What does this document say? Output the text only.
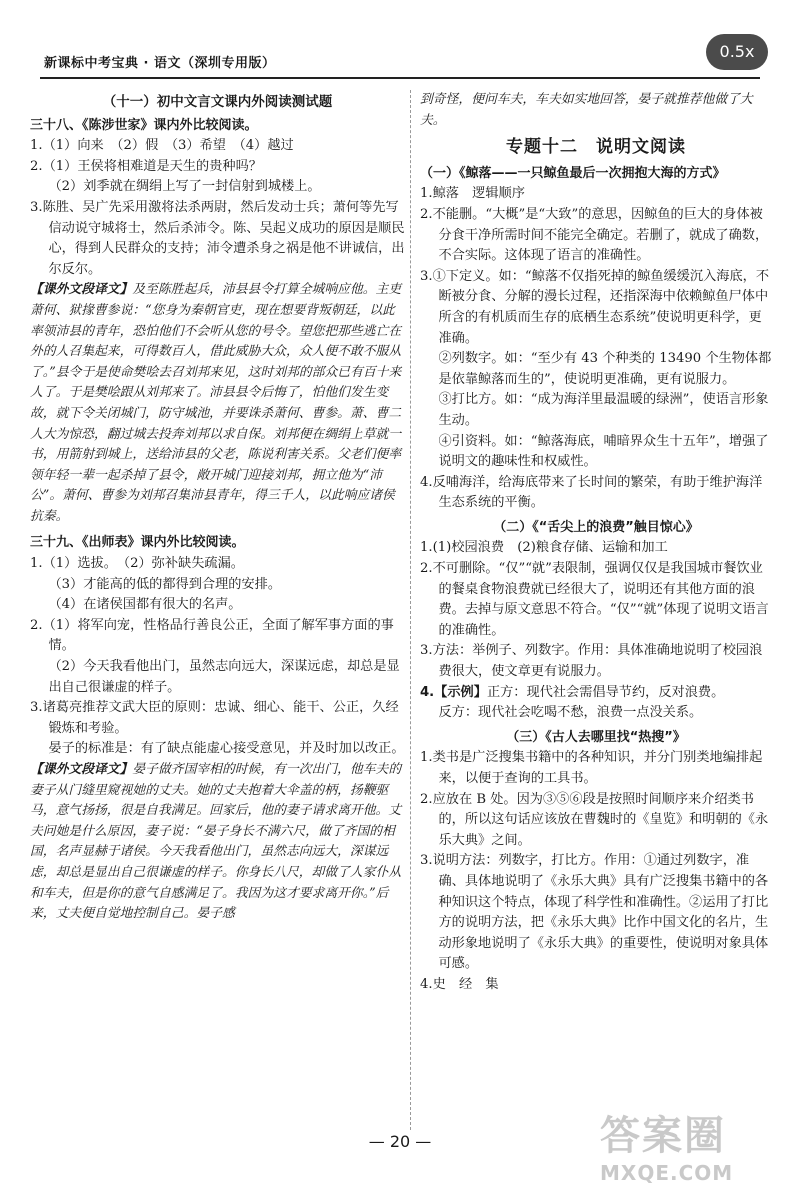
新课标中考宝典 · 语文（深圳专用版）
0.5x
（十一）初中文言文课内外阅读测试题

三十八、《陈涉世家》课内外比较阅读。

1.（1）向来　（2）假　（3）希望　（4）越过

2.（1）王侯将相难道是天生的贵种吗？

（2）刘季就在绸绢上写了一封信射到城楼上。

3.陈胜、吴广先采用激将法杀两尉，然后发动士兵；萧何等先写信动说守城将士，然后杀沛令。陈、吴起义成功的原因是顺民心，得到人民群众的支持；沛令遭杀身之祸是他不讲诚信，出尔反尔。

【课外文段译文】及至陈胜起兵，沛县县令打算全城响应他。主吏萧何、狱掾曹参说：“您身为秦朝官吏，现在想要背叛朝廷，以此率领沛县的青年，恐怕他们不会听从您的号令。望您把那些逃亡在外的人召集起来，可得数百人，借此威胁大众，众人便不敢不服从了。”县令于是使命樊哙去召刘邦来见，这时刘邦的部众已有百十来人了。于是樊哙跟从刘邦来了。沛县县令后悔了，怕他们发生变故，就下令关闭城门，防守城池，并要诛杀萧何、曹参。萧、曹二人大为惊恐，翻过城去投奔刘邦以求自保。刘邦便在绸绢上草就一书，用箭射到城上，送给沛县的父老，陈说利害关系。父老们便率领年轻一辈一起杀掉了县令，敞开城门迎接刘邦，拥立他为“沛公”。萧何、曹参为刘邦召集沛县青年，得三千人，以此响应诸侯抗秦。

三十九、《出师表》课内外比较阅读。

1.（1）选拔。　（2）弥补缺失疏漏。

（3）才能高的低的都得到合理的安排。

（4）在诸侯国都有很大的名声。

2.（1）将军向宠，性格品行善良公正，全面了解军事方面的事情。

（2）今天我看他出门，虽然志向远大，深谋远虑，却总是显出自己很谦虚的样子。

3.诸葛亮推荐文武大臣的原则：忠诚、细心、能干、公正，久经锻炼和考验。

晏子的标准是：有了缺点能虚心接受意见，并及时加以改正。

【课外文段译文】晏子做齐国宰相的时候，有一次出门，他车夫的妻子从门缝里窥视她的丈夫。她的丈夫抱着大伞盖的柄，扬鞭驱马，意气扬扬，很是自我满足。回家后，他的妻子请求离开他。丈夫问她是什么原因，妻子说：“晏子身长不满六尺，做了齐国的相国，名声显赫于诸侯。今天我看他出门，虽然志向远大，深谋远虑，却总是显出自己很谦虚的样子。你身长八尺，却做了人家仆从和车夫，但是你的意气自感满足了。我因为这才要求离开你。”后来，丈夫便自觉地控制自己。晏子感

到奇怪，便问车夫，车夫如实地回答，晏子就推荐他做了大夫。

专题十二　说明文阅读

（一）《鲸落——一只鲸鱼最后一次拥抱大海的方式》

1.鲸落　逻辑顺序

2.不能删。“大概”是“大致”的意思，因鲸鱼的巨大的身体被分食干净所需时间不能完全确定。若删了，就成了确数，不合实际。这体现了语言的准确性。

3.①下定义。如：“鲸落不仅指死掉的鲸鱼缓缓沉入海底，不断被分食、分解的漫长过程，还指深海中依赖鲸鱼尸体中所含的有机质而生存的底栖生态系统”使说明更科学，更准确。

②列数字。如：“至少有 43 个种类的 13490 个生物体都是依靠鲸落而生的”，使说明更准确，更有说服力。

③打比方。如：“成为海洋里最温暖的绿洲”，使语言形象生动。

④引资料。如：“鲸落海底，哺暗界众生十五年”，增强了说明文的趣味性和权威性。

4.反哺海洋，给海底带来了长时间的繁荣，有助于维护海洋生态系统的平衡。

（二）《“舌尖上的浪费”触目惊心》

1.(1)校园浪费　(2)粮食存储、运输和加工

2.不可删除。“仅”“就”表限制，强调仅仅是我国城市餐饮业的餐桌食物浪费就已经很大了，说明还有其他方面的浪费。去掉与原文意思不符合。“仅”“就”体现了说明文语言的准确性。

3.方法：举例子、列数字。作用：具体准确地说明了校园浪费很大，使文章更有说服力。

4.【示例】正方：现代社会需倡导节约，反对浪费。

反方：现代社会吃喝不愁，浪费一点没关系。

（三）《古人去哪里找“热搜”》

1.类书是广泛搜集书籍中的各种知识，并分门别类地编排起来，以便于查询的工具书。

2.应放在 B 处。因为③⑤⑥段是按照时间顺序来介绍类书的，所以这句话应该放在曹魏时的《皇览》和明朝的《永乐大典》之间。

3.说明方法：列数字，打比方。作用：①通过列数字，准确、具体地说明了《永乐大典》具有广泛搜集书籍中的各种知识这个特点，体现了科学性和准确性。②运用了打比方的说明方法，把《永乐大典》比作中国文化的名片，生动形象地说明了《永乐大典》的重要性，使说明对象具体可感。

4.史　经　集

— 20 —	答案圈
MXQE.COM
